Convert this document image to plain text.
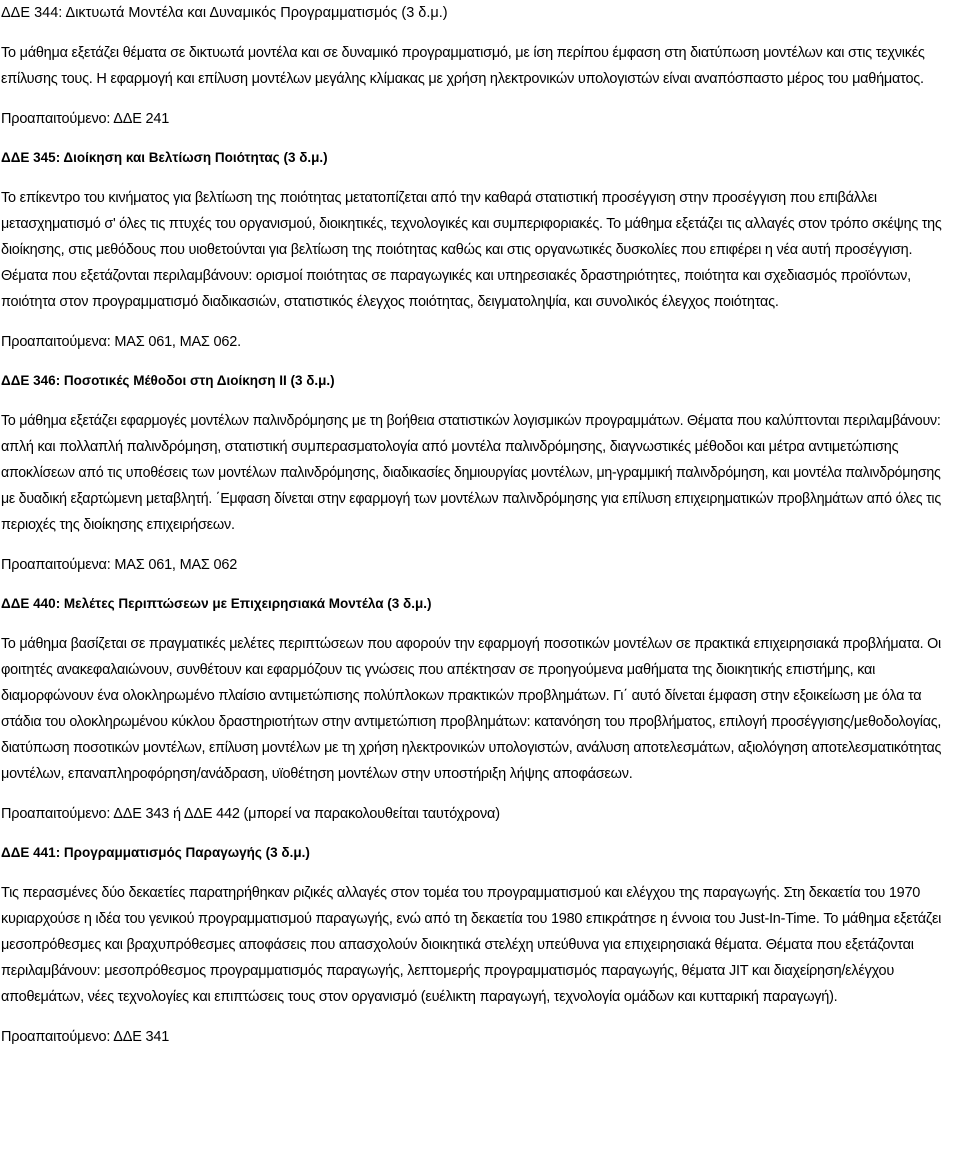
ΔΔΕ 344: Δικτυωτά Μοντέλα και Δυναμικός Προγραμματισμός (3 δ.μ.)
Το μάθημα εξετάζει θέματα σε δικτυωτά μοντέλα και σε δυναμικό προγραμματισμό, με ίση περίπου έμφαση στη διατύπωση μοντέλων και στις τεχνικές
επίλυσης τους. Η εφαρμογή και επίλυση μοντέλων μεγάλης κλίμακας με χρήση ηλεκτρονικών υπολογιστών είναι αναπόσπαστο μέρος του μαθήματος.
Προαπαιτούμενο: ΔΔΕ 241
ΔΔΕ 345: Διοίκηση και Βελτίωση Ποιότητας (3 δ.μ.)
Το επίκεντρο του κινήματος για βελτίωση της ποιότητας μετατοπίζεται από την καθαρά στατιστική προσέγγιση στην προσέγγιση που επιβάλλει
μετασχηματισμό σ' όλες τις πτυχές του οργανισμού, διοικητικές, τεχνολογικές και συμπεριφοριακές. Το μάθημα εξετάζει τις αλλαγές στον τρόπο σκέψης της
διοίκησης, στις μεθόδους που υιοθετούνται για βελτίωση της ποιότητας καθώς και στις οργανωτικές δυσκολίες που επιφέρει η νέα αυτή προσέγγιση.
Θέματα που εξετάζονται περιλαμβάνουν: ορισμοί ποιότητας σε παραγωγικές και υπηρεσιακές δραστηριότητες, ποιότητα και σχεδιασμός προϊόντων,
ποιότητα στον προγραμματισμό διαδικασιών, στατιστικός έλεγχος ποιότητας, δειγματοληψία, και συνολικός έλεγχος ποιότητας.
Προαπαιτούμενα: ΜΑΣ 061, ΜΑΣ 062.
ΔΔΕ 346: Ποσοτικές Μέθοδοι στη Διοίκηση ΙΙ (3 δ.μ.)
Το μάθημα εξετάζει εφαρμογές μοντέλων παλινδρόμησης με τη βοήθεια στατιστικών λογισμικών προγραμμάτων. Θέματα που καλύπτονται περιλαμβάνουν:
απλή και πολλαπλή παλινδρόμηση, στατιστική συμπερασματολογία από μοντέλα παλινδρόμησης, διαγνωστικές μέθοδοι και μέτρα αντιμετώπισης
αποκλίσεων από τις υποθέσεις των μοντέλων παλινδρόμησης, διαδικασίες δημιουργίας μοντέλων, μη-γραμμική παλινδρόμηση, και μοντέλα παλινδρόμησης
με δυαδική εξαρτώμενη μεταβλητή. ΄Εμφαση δίνεται στην εφαρμογή των μοντέλων παλινδρόμησης για επίλυση επιχειρηματικών προβλημάτων από όλες τις
περιοχές της διοίκησης επιχειρήσεων.
Προαπαιτούμενα: ΜΑΣ 061, ΜΑΣ 062
ΔΔΕ 440: Μελέτες Περιπτώσεων με Επιχειρησιακά Μοντέλα (3 δ.μ.)
Το μάθημα βασίζεται σε πραγματικές μελέτες περιπτώσεων που αφορούν την εφαρμογή ποσοτικών μοντέλων σε πρακτικά επιχειρησιακά προβλήματα. Οι
φοιτητές ανακεφαλαιώνουν, συνθέτουν και εφαρμόζουν τις γνώσεις που απέκτησαν σε προηγούμενα μαθήματα της διοικητικής επιστήμης, και
διαμορφώνουν ένα ολοκληρωμένο πλαίσιο αντιμετώπισης πολύπλοκων πρακτικών προβλημάτων. Γι΄ αυτό δίνεται έμφαση στην εξοικείωση με όλα τα
στάδια του ολοκληρωμένου κύκλου δραστηριοτήτων στην αντιμετώπιση προβλημάτων: κατανόηση του προβλήματος, επιλογή προσέγγισης/μεθοδολογίας,
διατύπωση ποσοτικών μοντέλων, επίλυση μοντέλων με τη χρήση ηλεκτρονικών υπολογιστών, ανάλυση αποτελεσμάτων, αξιολόγηση αποτελεσματικότητας
μοντέλων, επαναπληροφόρηση/ανάδραση, υϊοθέτηση μοντέλων στην υποστήριξη λήψης αποφάσεων.
Προαπαιτούμενο: ΔΔΕ 343 ή ΔΔΕ 442 (μπορεί να παρακολουθείται ταυτόχρονα)
ΔΔΕ 441: Προγραμματισμός Παραγωγής (3 δ.μ.)
Τις περασμένες δύο δεκαετίες παρατηρήθηκαν ριζικές αλλαγές στον τομέα του προγραμματισμού και ελέγχου της παραγωγής. Στη δεκαετία του 1970
κυριαρχούσε η ιδέα του γενικού προγραμματισμού παραγωγής, ενώ από τη δεκαετία του 1980 επικράτησε η έννοια του Just-In-Time. Το μάθημα εξετάζει
μεσοπρόθεσμες και βραχυπρόθεσμες αποφάσεις που απασχολούν διοικητικά στελέχη υπεύθυνα για επιχειρησιακά θέματα. Θέματα που εξετάζονται
περιλαμβάνουν: μεσοπρόθεσμος προγραμματισμός παραγωγής, λεπτομερής προγραμματισμός παραγωγής, θέματα JIT και διαχείρηση/ελέγχου
αποθεμάτων, νέες τεχνολογίες και επιπτώσεις τους στον οργανισμό (ευέλικτη παραγωγή, τεχνολογία ομάδων και κυτταρική παραγωγή).
Προαπαιτούμενο: ΔΔΕ 341
